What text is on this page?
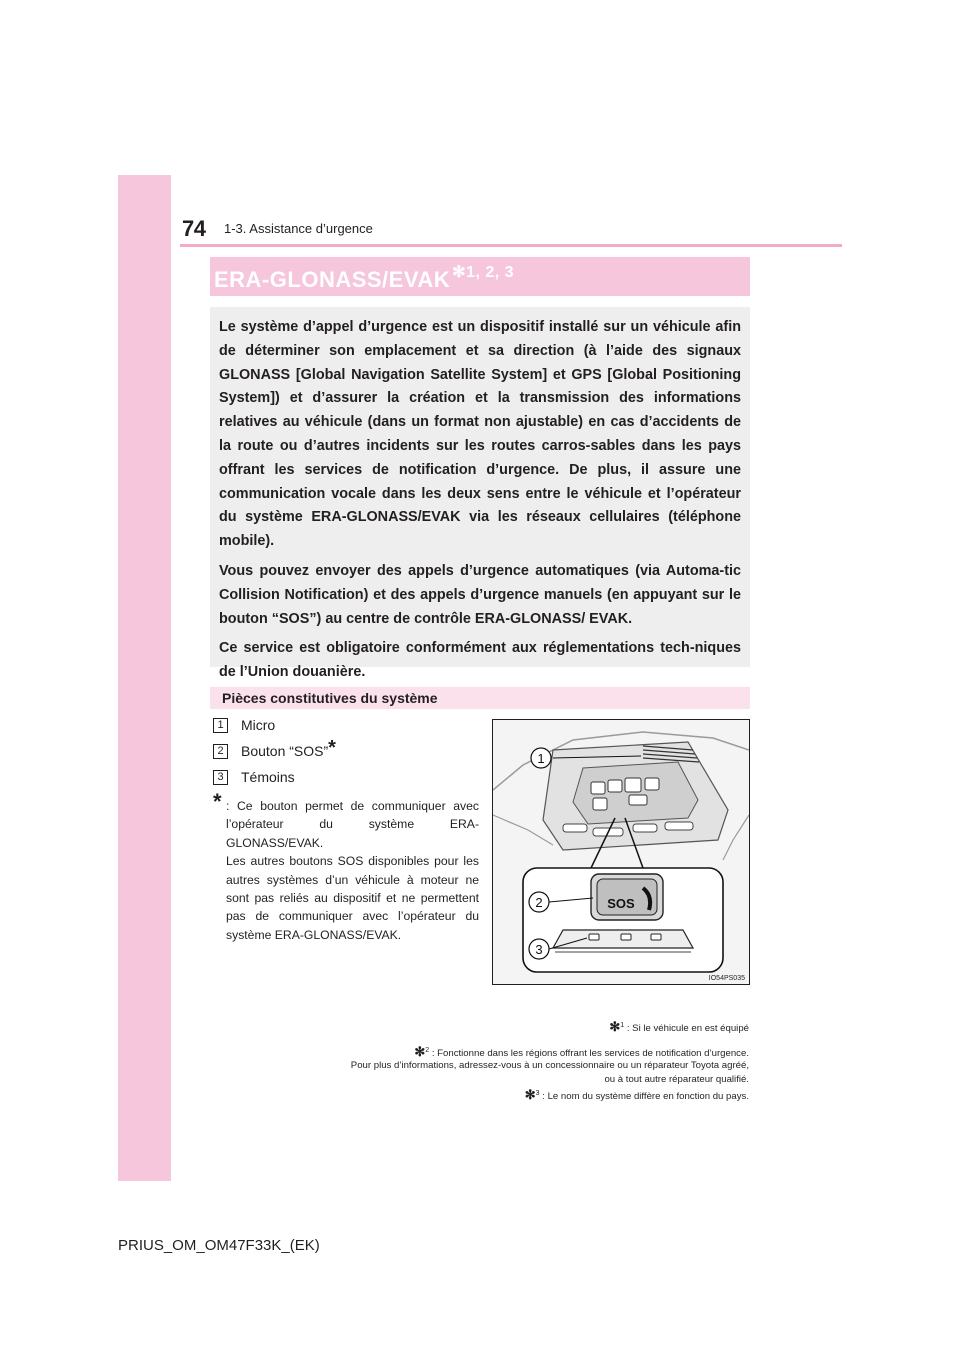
74 1-3. Assistance d’urgence
ERA-GLONASS/EVAK $^{✻1, 2, 3}$

Le système d’appel d’urgence est un dispositif installé sur un véhicule afin de déterminer son emplacement et sa direction (à l’aide des signaux GLONASS [Global Navigation Satellite System] et GPS [Global Positioning System]) et d’assurer la création et la transmission des informations relatives au véhicule (dans un format non ajustable) en cas d’accidents de la route ou d’autres incidents sur les routes carros-sables dans les pays offrant les services de notification d’urgence. De plus, il assure une communication vocale dans les deux sens entre le véhicule et l’opérateur du système ERA-GLONASS/EVAK via les réseaux cellulaires (téléphone mobile).

Vous pouvez envoyer des appels d’urgence automatiques (via Automa-tic Collision Notification) et des appels d’urgence manuels (en appuyant sur le bouton “SOS”) au centre de contrôle ERA-GLONASS/ EVAK.

Ce service est obligatoire conformément aux réglementations tech-niques de l’Union douanière.

Pièces constitutives du système
1	Micro
2	Bouton “SOS” *
3	Témoins
* : Ce bouton permet de communiquer avec l’opérateur du système ERA-GLONASS/EVAK.
Les autres boutons SOS disponibles pour les autres systèmes d’un véhicule à moteur ne sont pas reliés au dispositif et ne permettent pas de communiquer avec l’opérateur du système ERA-GLONASS/EVAK.
1
SOS
2
3
IO54PS035
✻$^1$ : Si le véhicule en est équipé
✻$^2$ : Fonctionne dans les régions offrant les services de notification d’urgence.
Pour plus d’informations, adressez-vous à un concessionnaire ou un réparateur Toyota agréé,
ou à tout autre réparateur qualifié.
✻$^3$ : Le nom du système diffère en fonction du pays.
PRIUS_OM_OM47F33K_(EK)
